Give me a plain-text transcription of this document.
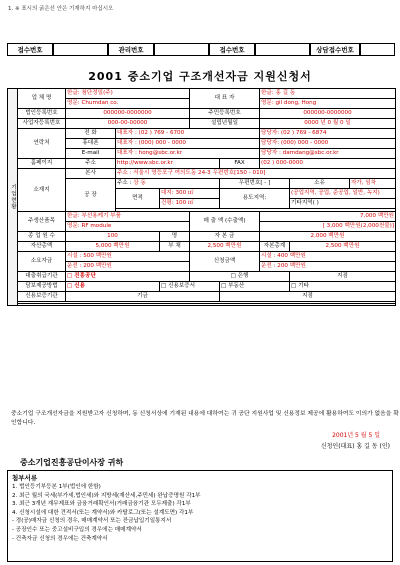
1. ※ 표시의 굵은선 안은 기재하지 마십시오
접수번호	관리번호	접수번호	상담접수번호
2001 중소기업 구조개선자금 지원신청서
기업현황	업 체 명	한글: 첨단정밀(주)			대 표 자		한글: 홍 길 동		
		영문: Chumdan co.					영문: gil dong, Hong		
	법인등록번호	000000-0000000			주민등록번호		000000-0000000		
	사업자등록번호	000-00-00000			설립년월일		0000 년 0 월 0 일		
	연락처	전 화	대표자 : (02 ) 769 - 6700				담당자: (02 ) 769 - 6874		
		휴대폰	대표자 : (000) 000 - 0000				담당자: (000) 000 - 0000		
		E-mail	대표자 : hong@sbc.or.kr				담당자 : damdang@sbc.or.kr		
	홈페이지	주소	http://www.sbc.or.kr			FAX	(02 ) 000-0000		
	소재지	본사	주소 : 서울시 영등포구 여의도동 24-3 우편번호[150 - 010]						
		공 장	주소 : 상 동			우편번호[ - ]		소유	자가, 임차
			면적	대지: 300 ㎡		용도지역:		(공업지역, 공업, 준공업, 일반, 녹지)	
				건평: 100 ㎡				기타지역( )	

	주생산품목	한글: 부선용케기 부품			매 출 액 (수출액)		7,000 백만원		
		영문: RF module					[ 3,000 백만원(2,000천불)]		
	종 업 원 수	100		명	자 본 금		2,000 백만원		
	자산총액	5,000 백만원		부 채	2,500 백만원		자본총계	2,500 백만원	
	소요자금	시설 : 500 백만원			신청금액		시설 : 400 백만원		
		운전 : 200 백만원					운전 : 200 백만원		
	대출취급기관	□ 진흥공단			□ 은행			지점	
	담보제공방법	□ 신용		□ 신용보증서		□ 부동산		□ 기타	
	신용보증기관	기금				지점			

중소기업 구조개선자금을 지원받고자 신청하며, 동 신청서상에 기재된 내용에 대하여는 귀 공단 지원사업 및 신용정보 제공에 활용하여도 이의가 없음을 확인합니다.
2001년 5 월 5 일
신청인(대표) 홍 길 동 (인)
중소기업진흥공단이사장 귀하
첨부서류
1. 법인등기부등본 1부(법인에 한함)
2. 최근 월의 국세(부가세,법인세)와 지방세(재산세,주민세) 완납증명원 각1부
3. 최근 3개년 재무제표와 금융거래확인서(거래금융기관 모두제출) 각1부
4. 신청시설에 대한 견적서(또는 계약서)와 카탈로그(또는 설계도면) 각1부
- 경(공)매자금 신청의 경우, 매매계약서 또는 잔금납입기일통지서
- 공장인수 또는 중고설비구입의 경우에는 매매계약서
- 건축자금 신청의 경우에는 건축계약서
